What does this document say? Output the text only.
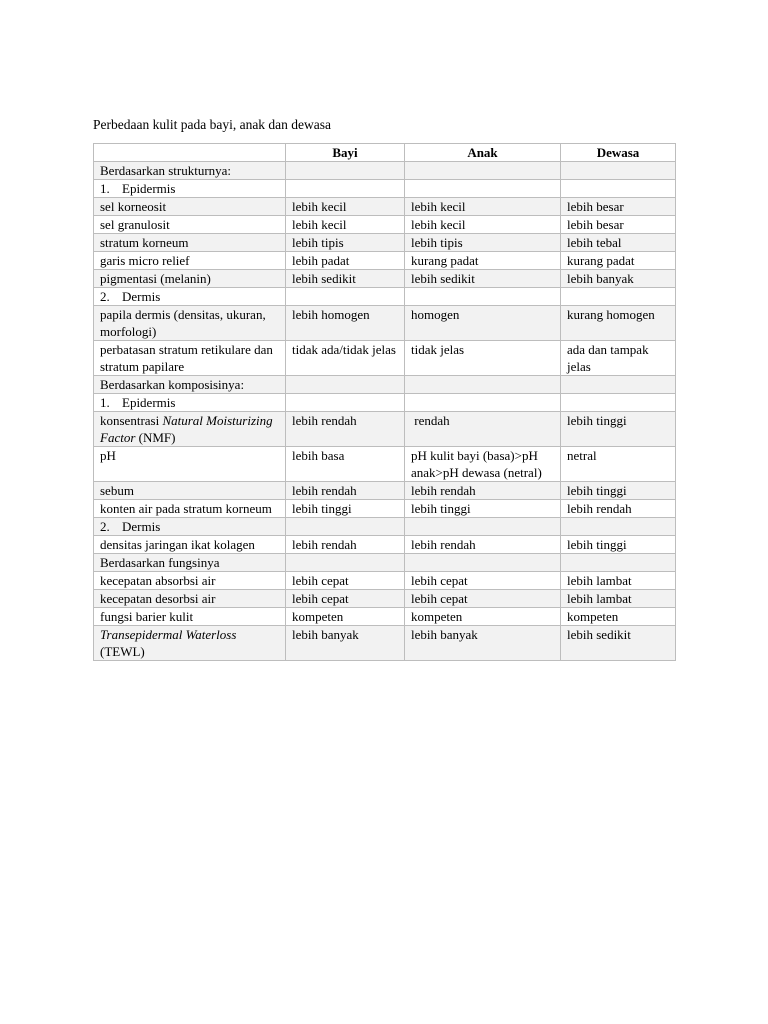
Perbedaan kulit pada bayi, anak dan dewasa

	Bayi	Anak	Dewasa
Berdasarkan strukturnya:			
1. Epidermis			
sel korneosit	lebih kecil	lebih kecil	lebih besar
sel granulosit	lebih kecil	lebih kecil	lebih besar
stratum korneum	lebih tipis	lebih tipis	lebih tebal
garis micro relief	lebih padat	kurang padat	kurang padat
pigmentasi (melanin)	lebih sedikit	lebih sedikit	lebih banyak
2. Dermis			
papila dermis (densitas, ukuran, morfologi)	lebih homogen	homogen	kurang homogen
perbatasan stratum retikulare dan stratum papilare	tidak ada/tidak jelas	tidak jelas	ada dan tampak jelas
Berdasarkan komposisinya:			
1. Epidermis			
konsentrasi Natural Moisturizing Factor (NMF)	lebih rendah	rendah	lebih tinggi
pH	lebih basa	pH kulit bayi (basa)>pH anak>pH dewasa (netral)	netral
sebum	lebih rendah	lebih rendah	lebih tinggi
konten air pada stratum korneum	lebih tinggi	lebih tinggi	lebih rendah
2. Dermis			
densitas jaringan ikat kolagen	lebih rendah	lebih rendah	lebih tinggi
Berdasarkan fungsinya			
kecepatan absorbsi air	lebih cepat	lebih cepat	lebih lambat
kecepatan desorbsi air	lebih cepat	lebih cepat	lebih lambat
fungsi barier kulit	kompeten	kompeten	kompeten
Transepidermal Waterloss (TEWL)	lebih banyak	lebih banyak	lebih sedikit
